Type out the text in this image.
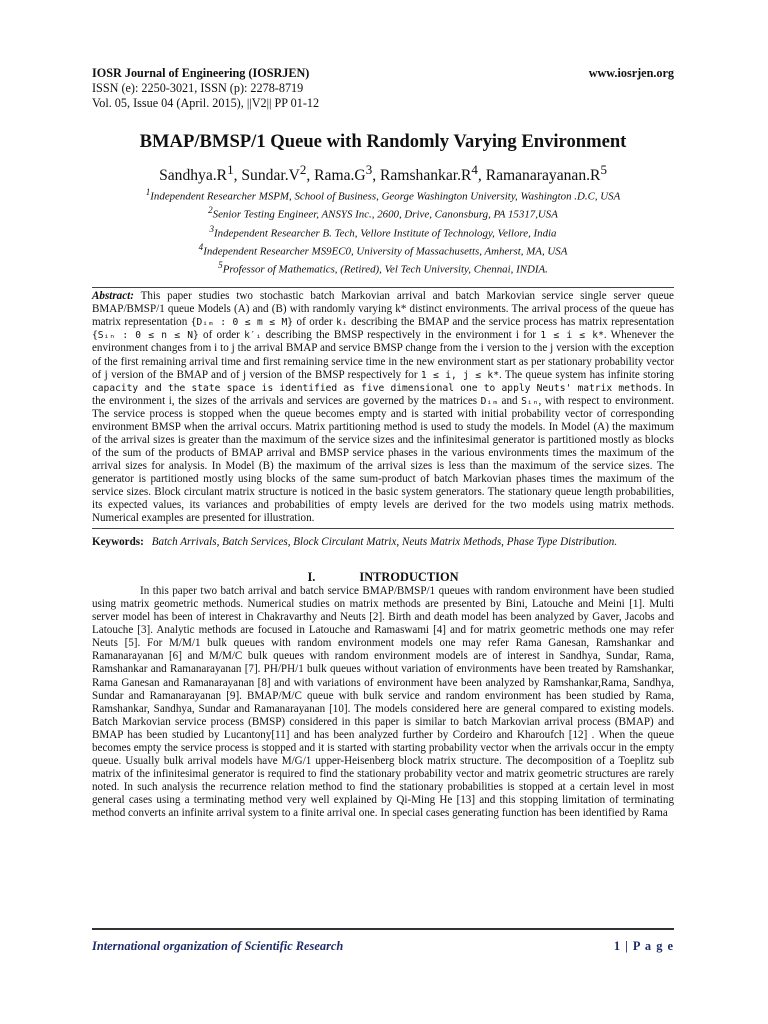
IOSR Journal of Engineering (IOSRJEN)	www.iosrjen.org
ISSN (e): 2250-3021, ISSN (p): 2278-8719
Vol. 05, Issue 04 (April. 2015), ||V2|| PP 01-12
BMAP/BMSP/1 Queue with Randomly Varying Environment
$Sandhya.R^1$, $Sundar.V^2$, $Rama.G^3$, $Ramshankar.R^4$, $Ramanarayanan.R^5$
$^1$Independent Researcher MSPM, School of Business, George Washington University, Washington .D.C, USA
$^2$Senior Testing Engineer, ANSYS Inc., 2600, Drive, Canonsburg, PA 15317,USA
$^3$Independent Researcher B. Tech, Vellore Institute of Technology, Vellore, India
$^4$Independent Researcher MS9EC0, University of Massachusetts, Amherst, MA, USA
$^5$Professor of Mathematics, (Retired), Vel Tech University, Chennai, INDIA.
Abstract: This paper studies two stochastic batch Markovian arrival and batch Markovian service single server queue BMAP/BMSP/1 queue Models (A) and (B) with randomly varying k* distinct environments. The arrival process of the queue has matrix representation {Dᵢₘ : 0 ≤ m ≤ M} of order kᵢ describing the BMAP and the service process has matrix representation {Sᵢₙ : 0 ≤ n ≤ N} of order k′ᵢ describing the BMSP respectively in the environment i for 1 ≤ i ≤ k*. Whenever the environment changes from i to j the arrival BMAP and service BMSP change from the i version to the j version with the exception of the first remaining arrival time and first remaining service time in the new environment start as per stationary probability vector of j version of the BMAP and of j version of the BMSP respectively for 1 ≤ i, j ≤ k*. The queue system has infinite storing capacity and the state space is identified as five dimensional one to apply Neuts' matrix methods. In the environment i, the sizes of the arrivals and services are governed by the matrices Dᵢₘ and Sᵢₙ, with respect to environment. The service process is stopped when the queue becomes empty and is started with initial probability vector of corresponding environment BMSP when the arrival occurs. Matrix partitioning method is used to study the models. In Model (A) the maximum of the arrival sizes is greater than the maximum of the service sizes and the infinitesimal generator is partitioned mostly as blocks of the sum of the products of BMAP arrival and BMSP service phases in the various environments times the maximum of the arrival sizes for analysis. In Model (B) the maximum of the arrival sizes is less than the maximum of the service sizes. The generator is partitioned mostly using blocks of the same sum-product of batch Markovian phases times the maximum of the service sizes. Block circulant matrix structure is noticed in the basic system generators. The stationary queue length probabilities, its expected values, its variances and probabilities of empty levels are derived for the two models using matrix methods. Numerical examples are presented for illustration.
Keywords: Batch Arrivals, Batch Services, Block Circulant Matrix, Neuts Matrix Methods, Phase Type Distribution.
I.	INTRODUCTION
In this paper two batch arrival and batch service BMAP/BMSP/1 queues with random environment have been studied using matrix geometric methods. Numerical studies on matrix methods are presented by Bini, Latouche and Meini [1]. Multi server model has been of interest in Chakravarthy and Neuts [2]. Birth and death model has been analyzed by Gaver, Jacobs and Latouche [3]. Analytic methods are focused in Latouche and Ramaswami [4] and for matrix geometric methods one may refer Neuts [5]. For M/M/1 bulk queues with random environment models one may refer Rama Ganesan, Ramshankar and Ramanarayanan [6] and M/M/C bulk queues with random environment models are of interest in Sandhya, Sundar, Rama, Ramshankar and Ramanarayanan [7]. PH/PH/1 bulk queues without variation of environments have been treated by Ramshankar, Rama Ganesan and Ramanarayanan [8] and with variations of environment have been analyzed by Ramshankar,Rama, Sandhya, Sundar and Ramanarayanan [9]. BMAP/M/C queue with bulk service and random environment has been studied by Rama, Ramshankar, Sandhya, Sundar and Ramanarayanan [10]. The models considered here are general compared to existing models. Batch Markovian service process (BMSP) considered in this paper is similar to batch Markovian arrival process (BMAP) and BMAP has been studied by Lucantony[11] and has been analyzed further by Cordeiro and Kharoufch [12] . When the queue becomes empty the service process is stopped and it is started with starting probability vector when the arrivals occur in the empty queue. Usually bulk arrival models have M/G/1 upper-Heisenberg block matrix structure. The decomposition of a Toeplitz sub matrix of the infinitesimal generator is required to find the stationary probability vector and matrix geometric structures are rarely noted. In such analysis the recurrence relation method to find the stationary probabilities is stopped at a certain level in most general cases using a terminating method very well explained by Qi-Ming He [13] and this stopping limitation of terminating method converts an infinite arrival system to a finite arrival one. In special cases generating function has been identified by Rama
International organization of Scientific Research	1 | P a g e
